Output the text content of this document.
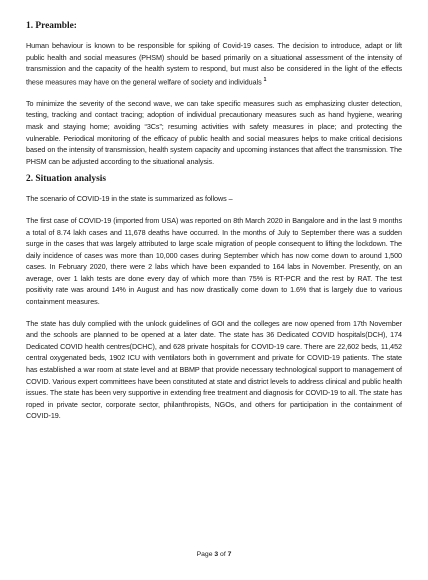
1. Preamble:

Human behaviour is known to be responsible for spiking of Covid-19 cases. The decision to introduce, adapt or lift public health and social measures (PHSM) should be based primarily on a situational assessment of the intensity of transmission and the capacity of the health system to respond, but must also be considered in the light of the effects these measures may have on the general welfare of society and individuals $^1$

To minimize the severity of the second wave, we can take specific measures such as emphasizing cluster detection, testing, tracking and contact tracing; adoption of individual precautionary measures such as hand hygiene, wearing mask and staying home; avoiding “3Cs”; resuming activities with safety measures in place; and protecting the vulnerable. Periodical monitoring of the efficacy of public health and social measures helps to make critical decisions based on the intensity of transmission, health system capacity and upcoming instances that affect the transmission. The PHSM can be adjusted according to the situational analysis.

2. Situation analysis

The scenario of COVID-19 in the state is summarized as follows –

The first case of COVID-19 (imported from USA) was reported on 8th March 2020 in Bangalore and in the last 9 months a total of 8.74 lakh cases and 11,678 deaths have occurred. In the months of July to September there was a sudden surge in the cases that was largely attributed to large scale migration of people consequent to lifting the lockdown. The daily incidence of cases was more than 10,000 cases during September which has now come down to around 1,500 cases. In February 2020, there were 2 labs which have been expanded to 164 labs in November. Presently, on an average, over 1 lakh tests are done every day of which more than 75% is RT-PCR and the rest by RAT. The test positivity rate was around 14% in August and has now drastically come down to 1.6% that is largely due to various containment measures.

The state has duly complied with the unlock guidelines of GOI and the colleges are now opened from 17th November and the schools are planned to be opened at a later date. The state has 36 Dedicated COVID hospitals(DCH), 174 Dedicated COVID health centres(DCHC), and 628 private hospitals for COVID-19 care. There are 22,602 beds, 11,452 central oxygenated beds, 1902 ICU with ventilators both in government and private for COVID-19 patients. The state has established a war room at state level and at BBMP that provide necessary technological support to management of COVID. Various expert committees have been constituted at state and district levels to address clinical and public health issues. The state has been very supportive in extending free treatment and diagnosis for COVID-19 to all. The state has roped in private sector, corporate sector, philanthropists, NGOs, and others for participation in the containment of COVID-19.

Page 3 of 7
